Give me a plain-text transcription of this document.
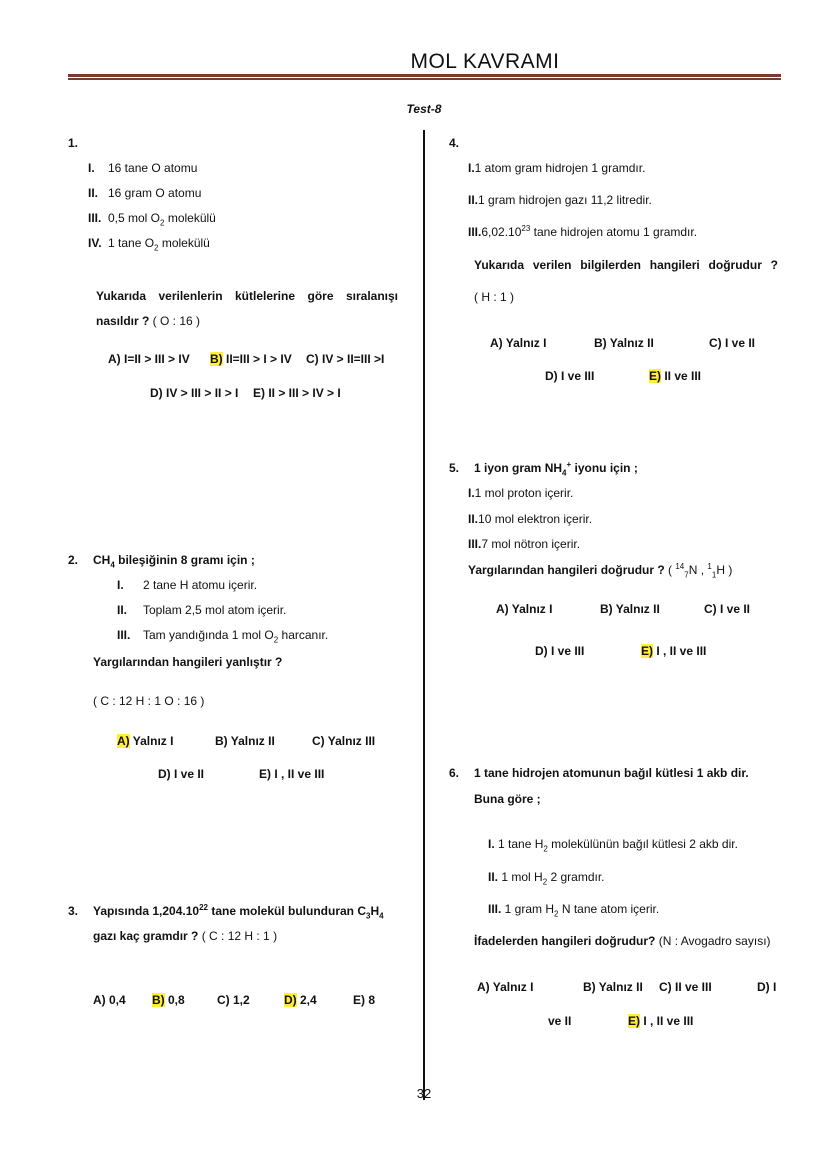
MOL KAVRAMI
Test-8
1.
I. 16 tane O atomu
II. 16 gram O atomu
III. 0,5 mol $O_2$ molekülü
IV. 1 tane $O_2$ molekülü
Yukarıda verilenlerin kütlelerine göre sıralanışı
nasıldır ? ( O : 16 )
A) I=II > III > IV B) II=III > I > IV C) IV > II=III >I
D) IV > III > II > I E) II > III > IV > I
2. $CH_4$ bileşiğinin 8 gramı için ;
I. 2 tane H atomu içerir.
II. Toplam 2,5 mol atom içerir.
III. Tam yandığında 1 mol $O_2$ harcanır.
Yargılarından hangileri yanlıştır ?
( C : 12 H : 1 O : 16 )
A) Yalnız I	B) Yalnız II	C) Yalnız III
D) I ve II	E) I , II ve III
3. Yapısında 1,204.10$^{22}$ tane molekül bulunduran $C_3H_4$
gazı kaç gramdır ? ( C : 12 H : 1 )
A) 0,4 B) 0,8	C) 1,2	D) 2,4	E) 8
4.
I.1 atom gram hidrojen 1 gramdır.
II.1 gram hidrojen gazı 11,2 litredir.
III.6,02.10$^{23}$ tane hidrojen atomu 1 gramdır.
Yukarıda verilen bilgilerden hangileri doğrudur ?
( H : 1 )
A) Yalnız I	B) Yalnız II	C) I ve II
D) I ve III	E) II ve III
5. 1 iyon gram $NH_4^+$ iyonu için ;
I.1 mol proton içerir.
II.10 mol elektron içerir.
III.7 mol nötron içerir.
Yargılarından hangileri doğrudur ? ( $^{14}_7$N , $^1_1$H )
A) Yalnız I	B) Yalnız II	C) I ve II
D) I ve III	E) I , II ve III
6. 1 tane hidrojen atomunun bağıl kütlesi 1 akb dir.
Buna göre ;
I. 1 tane $H_2$ molekülünün bağıl kütlesi 2 akb dir.
II. 1 mol $H_2$ 2 gramdır.
III. 1 gram $H_2$ N tane atom içerir.
İfadelerden hangileri doğrudur? (N : Avogadro sayısı)
A) Yalnız I	B) Yalnız II C) II ve III	D) I
ve II	E) I , II ve III
32
